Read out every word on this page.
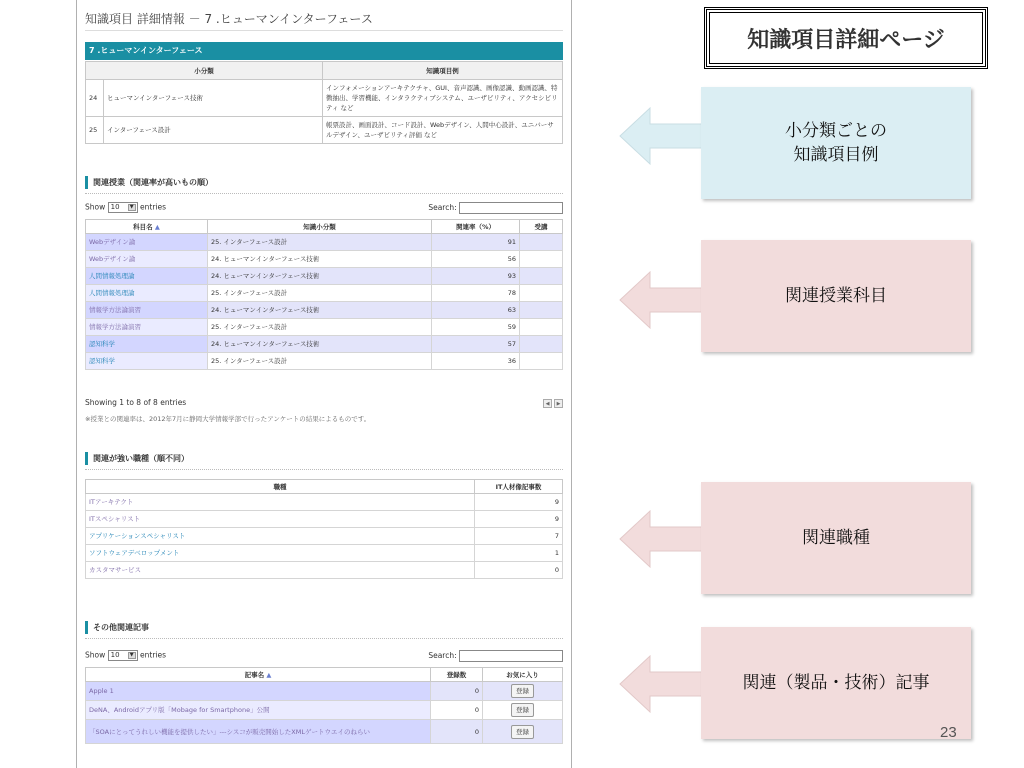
知識項目 詳細情報 － 7 .ヒューマンインターフェース
7 .ヒューマンインターフェース
小分類		知識項目例
24	ヒューマンインターフェース技術	インフォメーションアーキテクチャ、GUI、音声認識、画像認識、動画認識、特徴抽出、学習機能、インタラクティブシステム、ユーザビリティ、アクセシビリティ など
25	インターフェース設計	帳票設計、画面設計、コード設計、Webデザイン、人間中心設計、ユニバーサルデザイン、ユーザビリティ評価 など
関連授業（関連率が高いもの順）
Show 10	▼ entries	Search:
科目名 ▲	知識小分類	関連率（%）	受講
Webデザイン論	25. インターフェース設計	91	
Webデザイン論	24. ヒューマンインターフェース技術	56	
人間情報処理論	24. ヒューマンインターフェース技術	93	
人間情報処理論	25. インターフェース設計	78	
情報学方法論演習	24. ヒューマンインターフェース技術	63	
情報学方法論演習	25. インターフェース設計	59	
認知科学	24. ヒューマンインターフェース技術	57	
認知科学	25. インターフェース設計	36	
Showing 1 to 8 of 8 entries	◀ ▶
※授業との関連率は、2012年7月に静岡大学情報学部で行ったアンケートの結果によるものです。
関連が強い職種（順不同）
職種	IT人材像記事数
ITアーキテクト	9
ITスペシャリスト	9
アプリケーションスペシャリスト	7
ソフトウェアデベロップメント	1
カスタマサービス	0
その他関連記事
Show 10	▼ entries	Search:
記事名 ▲	登録数	お気に入り
Apple 1	0	登録
DeNA、Androidアプリ版「Mobage for Smartphone」公開	0	登録
「SOAにとってうれしい機能を提供したい」---シスコが販売開始したXMLゲートウエイのねらい	0	登録
知識項目詳細ページ
小分類ごとの
知識項目例
関連授業科目
関連職種
関連（製品・技術）記事
23
